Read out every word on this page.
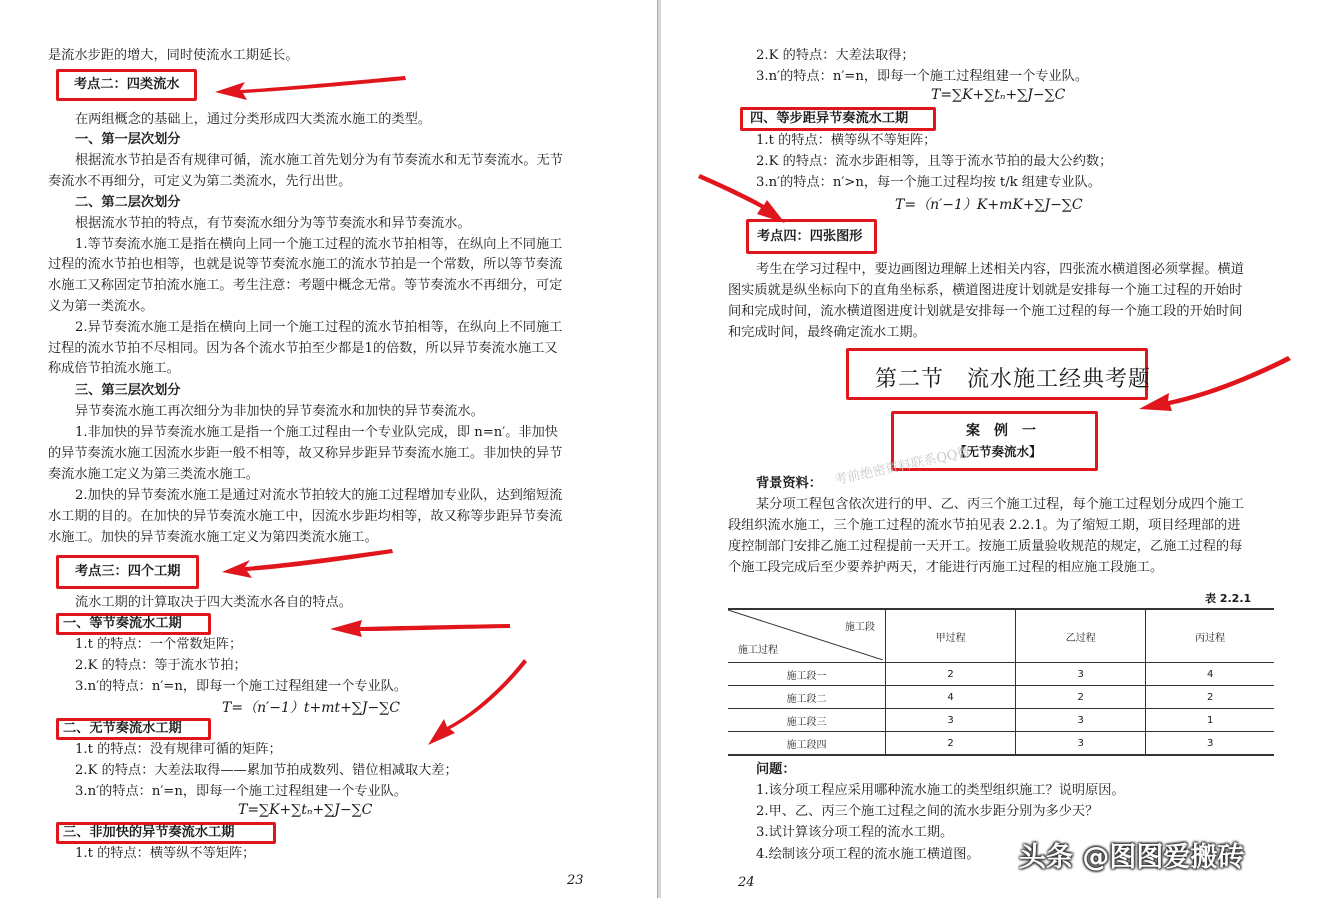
是流水步距的增大，同时使流水工期延长。
考点二：四类流水
在两组概念的基础上，通过分类形成四大类流水施工的类型。
一、第一层次划分
根据流水节拍是否有规律可循，流水施工首先划分为有节奏流水和无节奏流水。无节
奏流水不再细分，可定义为第二类流水，先行出世。
二、第二层次划分
根据流水节拍的特点，有节奏流水细分为等节奏流水和异节奏流水。
1.等节奏流水施工是指在横向上同一个施工过程的流水节拍相等，在纵向上不同施工
过程的流水节拍也相等，也就是说等节奏流水施工的流水节拍是一个常数，所以等节奏流
水施工又称固定节拍流水施工。考生注意：考题中概念无常。等节奏流水不再细分，可定
义为第一类流水。
2.异节奏流水施工是指在横向上同一个施工过程的流水节拍相等，在纵向上不同施工
过程的流水节拍不尽相同。因为各个流水节拍至少都是1的倍数，所以异节奏流水施工又
称成倍节拍流水施工。
三、第三层次划分
异节奏流水施工再次细分为非加快的异节奏流水和加快的异节奏流水。
1.非加快的异节奏流水施工是指一个施工过程由一个专业队完成，即 n=n′。非加快
的异节奏流水施工因流水步距一般不相等，故又称异步距异节奏流水施工。非加快的异节
奏流水施工定义为第三类流水施工。
2.加快的异节奏流水施工是通过对流水节拍较大的施工过程增加专业队，达到缩短流
水工期的目的。在加快的异节奏流水施工中，因流水步距均相等，故又称等步距异节奏流
水施工。加快的异节奏流水施工定义为第四类流水施工。
考点三：四个工期
流水工期的计算取决于四大类流水各自的特点。
一、等节奏流水工期
1.t 的特点：一个常数矩阵；
2.K 的特点：等于流水节拍；
3.n′的特点：n′=n，即每一个施工过程组建一个专业队。
T=（n′−1）t+mt+∑J−∑C
二、无节奏流水工期
1.t 的特点：没有规律可循的矩阵；
2.K 的特点：大差法取得——累加节拍成数列、错位相减取大差；
3.n′的特点：n′=n，即每一个施工过程组建一个专业队。
T=∑K+∑tₙ+∑J−∑C
三、非加快的异节奏流水工期
1.t 的特点：横等纵不等矩阵；
23
2.K 的特点：大差法取得；
3.n′的特点：n′=n，即每一个施工过程组建一个专业队。
T=∑K+∑tₙ+∑J−∑C
四、等步距异节奏流水工期
1.t 的特点：横等纵不等矩阵；
2.K 的特点：流水步距相等，且等于流水节拍的最大公约数；
3.n′的特点：n′>n，每一个施工过程均按 t/k 组建专业队。
T=（n′−1）K+mK+∑J−∑C
考点四：四张图形
考生在学习过程中，要边画图边理解上述相关内容，四张流水横道图必须掌握。横道
图实质就是纵坐标向下的直角坐标系，横道图进度计划就是安排每一个施工过程的开始时
间和完成时间，流水横道图进度计划就是安排每一个施工过程的每一个施工段的开始时间
和完成时间，最终确定流水工期。
第二节　流水施工经典考题
案　例　一
【无节奏流水】
考前绝密资料联系QQ微
背景资料：
某分项工程包含依次进行的甲、乙、丙三个施工过程，每个施工过程划分成四个施工
段组织流水施工，三个施工过程的流水节拍见表 2.2.1。为了缩短工期，项目经理部的进
度控制部门安排乙施工过程提前一天开工。按施工质量验收规范的规定，乙施工过程的每
个施工段完成后至少要养护两天，才能进行丙施工过程的相应施工段施工。
表 2.2.1
施工段
施工过程	甲过程	乙过程	丙过程
施工段一	2	3	4
施工段二	4	2	2
施工段三	3	3	1
施工段四	2	3	3
问题：
1.该分项工程应采用哪种流水施工的类型组织施工？说明原因。
2.甲、乙、丙三个施工过程之间的流水步距分别为多少天？
3.试计算该分项工程的流水工期。
4.绘制该分项工程的流水施工横道图。
24
头条 @图图爱搬砖
